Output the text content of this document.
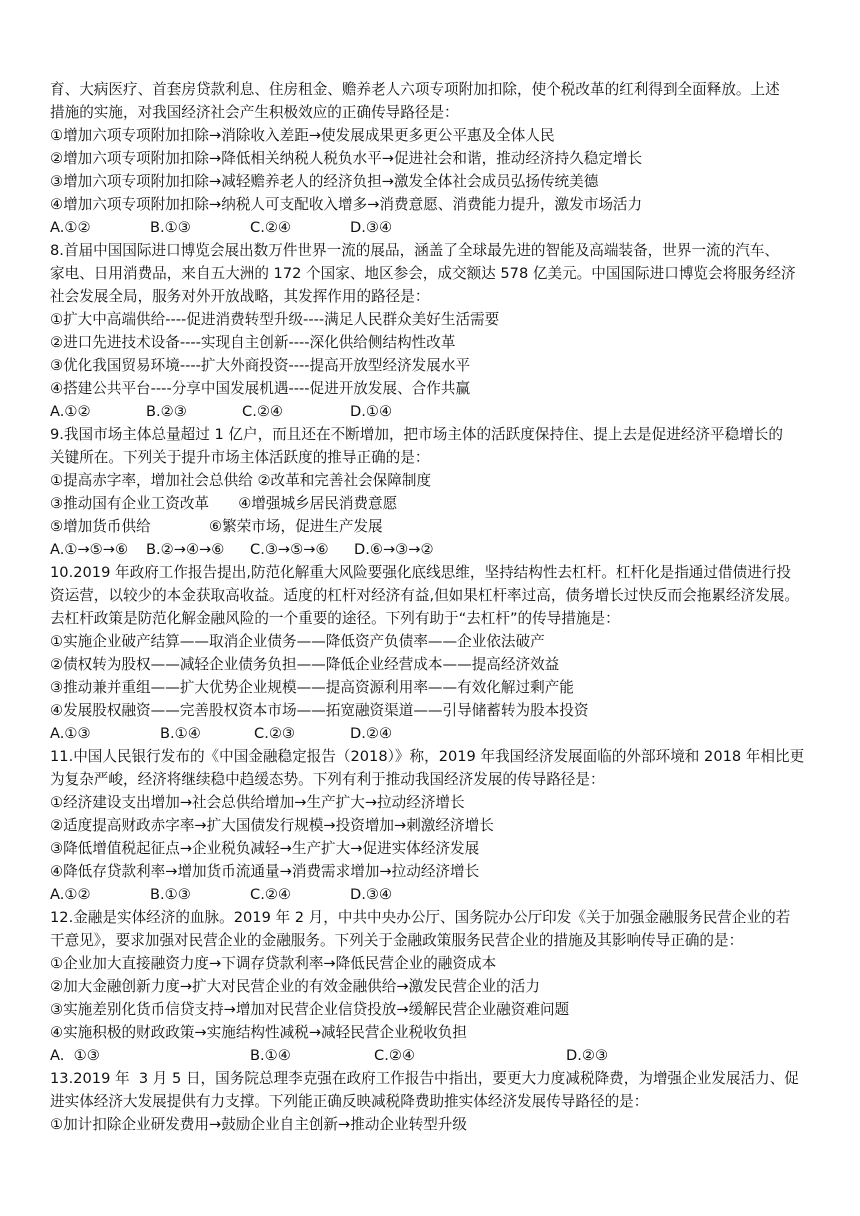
育、大病医疗、首套房贷款利息、住房租金、赡养老人六项专项附加扣除，使个税改革的红利得到全面释放。上述
措施的实施，对我国经济社会产生积极效应的正确传导路径是：
①增加六项专项附加扣除→消除收入差距→使发展成果更多更公平惠及全体人民
②增加六项专项附加扣除→降低相关纳税人税负水平→促进社会和谐，推动经济持久稳定增长
③增加六项专项附加扣除→减轻赡养老人的经济负担→激发全体社会成员弘扬传统美德
④增加六项专项附加扣除→纳税人可支配收入增多→消费意愿、消费能力提升，激发市场活力
A.①②	B.①③	C.②④	D.③④
8.首届中国国际进口博览会展出数万件世界一流的展品，涵盖了全球最先进的智能及高端装备，世界一流的汽车、
家电、日用消费品，来自五大洲的 172 个国家、地区参会，成交额达 578 亿美元。中国国际进口博览会将服务经济
社会发展全局，服务对外开放战略，其发挥作用的路径是：
①扩大中高端供给----促进消费转型升级----满足人民群众美好生活需要
②进口先进技术设备----实现自主创新----深化供给侧结构性改革
③优化我国贸易环境----扩大外商投资----提高开放型经济发展水平
④搭建公共平台----分享中国发展机遇----促进开放发展、合作共赢
A.①②	B.②③	C.②④	D.①④
9.我国市场主体总量超过 1 亿户，而且还在不断增加，把市场主体的活跃度保持住、提上去是促进经济平稳增长的
关键所在。下列关于提升市场主体活跃度的推导正确的是：
①提高赤字率，增加社会总供给 ②改革和完善社会保障制度
③推动国有企业工资改革　　④增强城乡居民消费意愿
⑤增加货币供给　　　　⑥繁荣市场，促进生产发展
A.①→⑤→⑥	B.②→④→⑥	C.③→⑤→⑥	D.⑥→③→②
10.2019 年政府工作报告提出,防范化解重大风险要强化底线思维，坚持结构性去杠杆。杠杆化是指通过借债进行投
资运营，以较少的本金获取高收益。适度的杠杆对经济有益,但如果杠杆率过高，债务增长过快反而会拖累经济发展。
去杠杆政策是防范化解金融风险的一个重要的途径。下列有助于“去杠杆”的传导措施是：
①实施企业破产结算——取消企业债务——降低资产负债率——企业依法破产
②债权转为股权——减轻企业债务负担——降低企业经营成本——提高经济效益
③推动兼并重组——扩大优势企业规模——提高资源利用率——有效化解过剩产能
④发展股权融资——完善股权资本市场——拓宽融资渠道——引导储蓄转为股本投资
A.①③	B.①④	C.②③	D.②④
11.中国人民银行发布的《中国金融稳定报告（2018）》称，2019 年我国经济发展面临的外部环境和 2018 年相比更
为复杂严峻，经济将继续稳中趋缓态势。下列有利于推动我国经济发展的传导路径是：
①经济建设支出增加→社会总供给增加→生产扩大→拉动经济增长
②适度提高财政赤字率→扩大国债发行规模→投资增加→刺激经济增长
③降低增值税起征点→企业税负减轻→生产扩大→促进实体经济发展
④降低存贷款利率→增加货币流通量→消费需求增加→拉动经济增长
A.①②	B.①③	C.②④	D.③④
12.金融是实体经济的血脉。2019 年 2 月，中共中央办公厅、国务院办公厅印发《关于加强金融服务民营企业的若
干意见》，要求加强对民营企业的金融服务。下列关于金融政策服务民营企业的措施及其影响传导正确的是：
①企业加大直接融资力度→下调存贷款利率→降低民营企业的融资成本
②加大金融创新力度→扩大对民营企业的有效金融供给→激发民营企业的活力
③实施差别化货币信贷支持→增加对民营企业信贷投放→缓解民营企业融资难问题
④实施积极的财政政策→实施结构性减税→减轻民营企业税收负担
A.  ①③	B.①④	C.②④	D.②③
13.2019 年  3 月 5 日，国务院总理李克强在政府工作报告中指出，要更大力度减税降费，为增强企业发展活力、促
进实体经济大发展提供有力支撑。下列能正确反映减税降费助推实体经济发展传导路径的是：
①加计扣除企业研发费用→鼓励企业自主创新→推动企业转型升级
